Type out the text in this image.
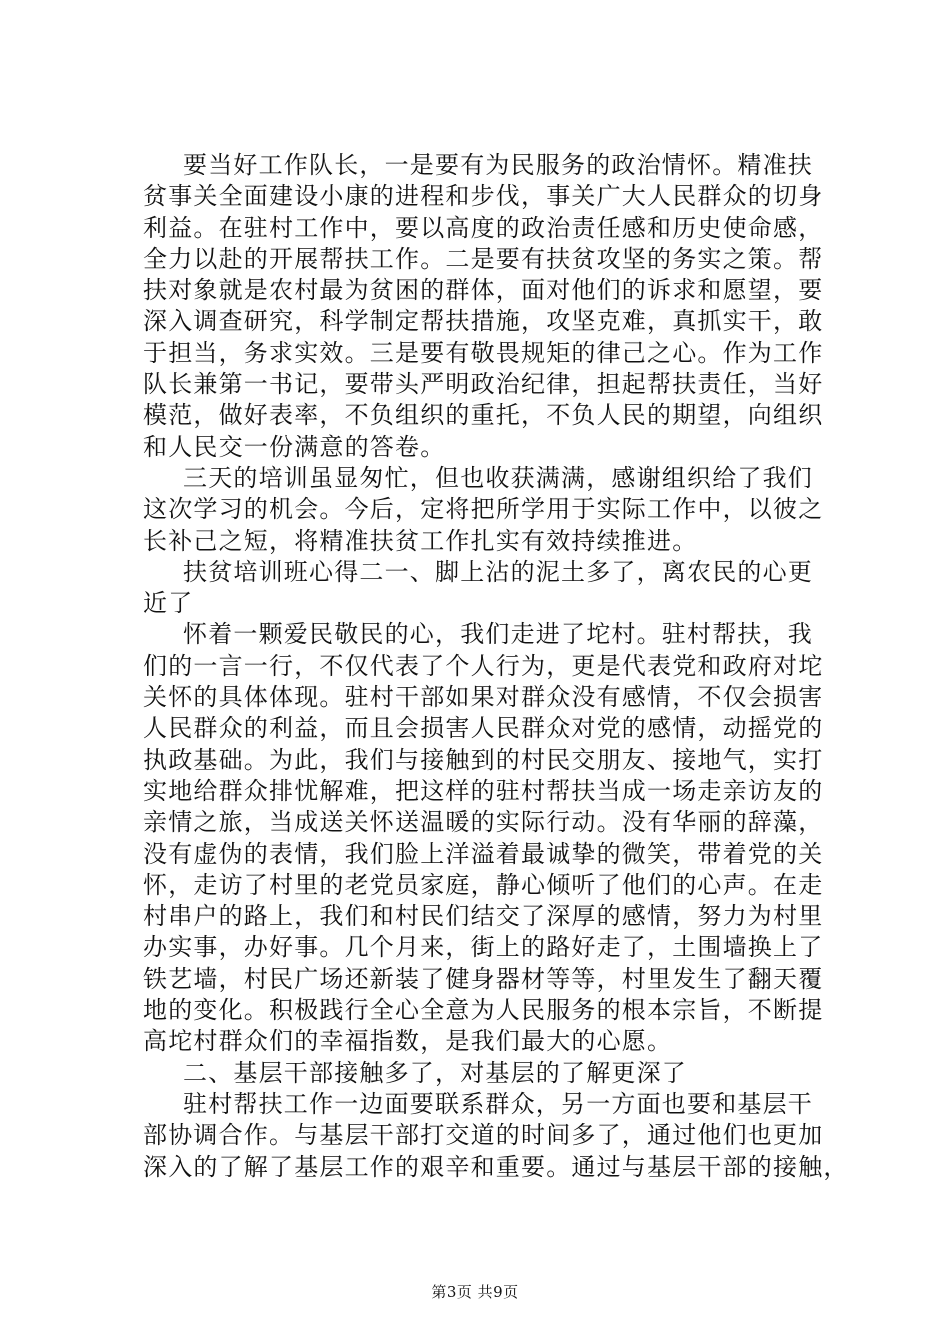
要当好工作队长，一是要有为民服务的政治情怀。精准扶
贫事关全面建设小康的进程和步伐，事关广大人民群众的切身
利益。在驻村工作中，要以高度的政治责任感和历史使命感，
全力以赴的开展帮扶工作。二是要有扶贫攻坚的务实之策。帮
扶对象就是农村最为贫困的群体，面对他们的诉求和愿望，要
深入调查研究，科学制定帮扶措施，攻坚克难，真抓实干，敢
于担当，务求实效。三是要有敬畏规矩的律己之心。作为工作
队长兼第一书记，要带头严明政治纪律，担起帮扶责任，当好
模范，做好表率，不负组织的重托，不负人民的期望，向组织
和人民交一份满意的答卷。
三天的培训虽显匆忙，但也收获满满，感谢组织给了我们
这次学习的机会。今后，定将把所学用于实际工作中，以彼之
长补己之短，将精准扶贫工作扎实有效持续推进。
扶贫培训班心得二一、脚上沾的泥土多了，离农民的心更
近了
怀着一颗爱民敬民的心，我们走进了坨村。驻村帮扶，我
们的一言一行，不仅代表了个人行为，更是代表党和政府对坨
关怀的具体体现。驻村干部如果对群众没有感情，不仅会损害
人民群众的利益，而且会损害人民群众对党的感情，动摇党的
执政基础。为此，我们与接触到的村民交朋友、接地气，实打
实地给群众排忧解难，把这样的驻村帮扶当成一场走亲访友的
亲情之旅，当成送关怀送温暖的实际行动。没有华丽的辞藻，
没有虚伪的表情，我们脸上洋溢着最诚挚的微笑，带着党的关
怀，走访了村里的老党员家庭，静心倾听了他们的心声。在走
村串户的路上，我们和村民们结交了深厚的感情，努力为村里
办实事，办好事。几个月来，街上的路好走了，土围墙换上了
铁艺墙，村民广场还新装了健身器材等等，村里发生了翻天覆
地的变化。积极践行全心全意为人民服务的根本宗旨，不断提
高坨村群众们的幸福指数，是我们最大的心愿。
二、基层干部接触多了，对基层的了解更深了
驻村帮扶工作一边面要联系群众，另一方面也要和基层干
部协调合作。与基层干部打交道的时间多了，通过他们也更加
深入的了解了基层工作的艰辛和重要。通过与基层干部的接触，
第3页 共9页
